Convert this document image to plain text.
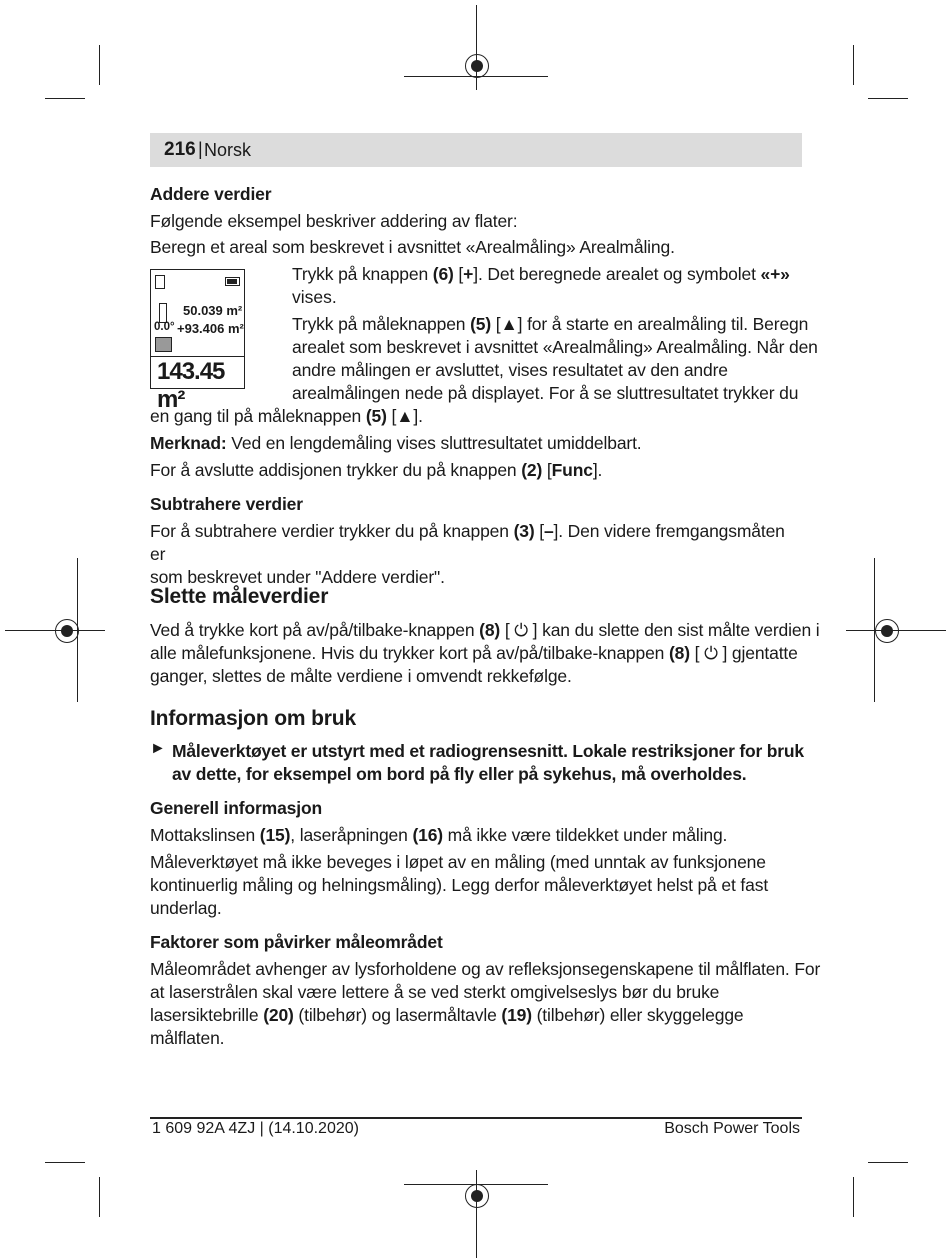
216 | Norsk
Addere verdier

Følgende eksempel beskriver addering av flater:

Beregn et areal som beskrevet i avsnittet «Arealmåling» Arealmåling.

50.039 m²
0.0° +93.406 m²
143.45 m²

Trykk på knappen (6) [+]. Det beregnede arealet og symbolet «+»

vises.

Trykk på måleknappen (5) [▲] for å starte en arealmåling til. Beregn
arealet som beskrevet i avsnittet «Arealmåling» Arealmåling. Når den
andre målingen er avsluttet, vises resultatet av den andre
arealmålingen nede på displayet. For å se sluttresultatet trykker du

en gang til på måleknappen (5) [▲].

Merknad: Ved en lengdemåling vises sluttresultatet umiddelbart.

For å avslutte addisjonen trykker du på knappen (2) [Func].

Subtrahere verdier
For å subtrahere verdier trykker du på knappen (3) [–]. Den videre fremgangsmåten er
som beskrevet under "Addere verdier".
Slette måleverdier
Ved å trykke kort på av/på/tilbake-knappen (8) [ ⏻ ] kan du slette den sist målte verdien i
alle målefunksjonene. Hvis du trykker kort på av/på/tilbake-knappen (8) [ ⏻ ] gjentatte
ganger, slettes de målte verdiene i omvendt rekkefølge.
Informasjon om bruk
► Måleverktøyet er utstyrt med et radiogrensesnitt. Lokale restriksjoner for bruk
av dette, for eksempel om bord på fly eller på sykehus, må overholdes.
Generell informasjon

Mottakslinsen (15), laseråpningen (16) må ikke være tildekket under måling.

Måleverktøyet må ikke beveges i løpet av en måling (med unntak av funksjonene
kontinuerlig måling og helningsmåling). Legg derfor måleverktøyet helst på et fast
underlag.
Faktorer som påvirker måleområdet
Måleområdet avhenger av lysforholdene og av refleksjonsegenskapene til målflaten. For
at laserstrålen skal være lettere å se ved sterkt omgivelseslys bør du bruke
lasersiktebrille (20) (tilbehør) og lasermåltavle (19) (tilbehør) eller skyggelegge
målflaten.
1 609 92A 4ZJ | (14.10.2020)	Bosch Power Tools
